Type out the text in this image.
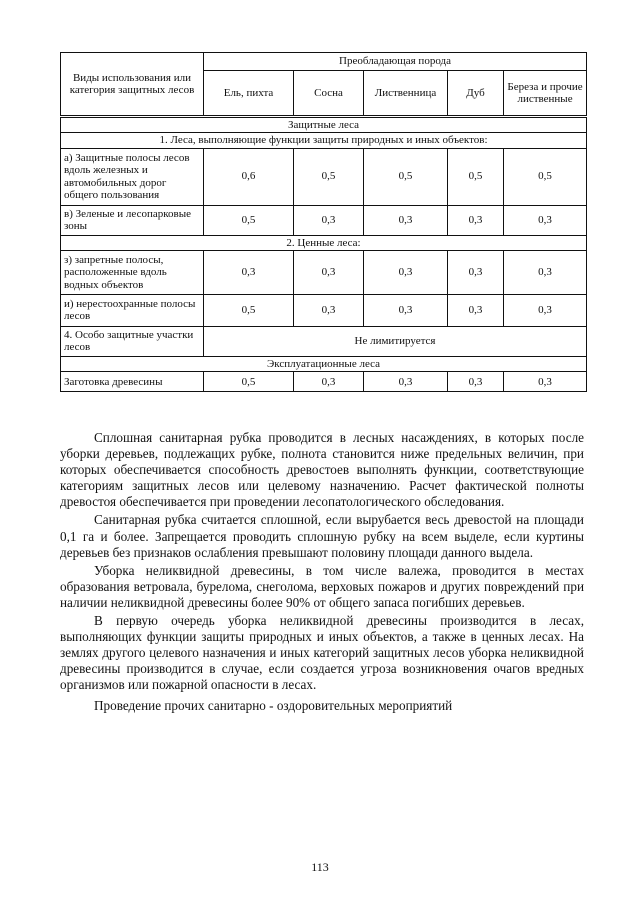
Виды использования или категория защитных лесов	Преобладающая порода				
	Ель, пихта	Сосна	Лиственница	Дуб	Береза и прочие лиственные
Защитные леса					
1. Леса, выполняющие функции защиты природных и иных объектов:					
а) Защитные полосы лесов вдоль железных и автомобильных дорог общего пользования	0,6	0,5	0,5	0,5	0,5
в) Зеленые и лесопарковые зоны	0,5	0,3	0,3	0,3	0,3
2. Ценные леса:					
з) запретные полосы, расположенные вдоль водных объектов	0,3	0,3	0,3	0,3	0,3
и) нерестоохранные полосы лесов	0,5	0,3	0,3	0,3	0,3
4. Особо защитные участки лесов	Не лимитируется				
Эксплуатационные леса					
Заготовка древесины	0,5	0,3	0,3	0,3	0,3

Сплошная санитарная рубка проводится в лесных насаждениях, в которых после уборки деревьев, подлежащих рубке, полнота становится ниже предельных величин, при которых обеспечивается способность древостоев выполнять функции, соответствующие категориям защитных лесов или целевому назначению. Расчет фактической полноты древостоя обеспечивается при проведении лесопатологического обследования.

Санитарная рубка считается сплошной, если вырубается весь древостой на площади 0,1 га и более. Запрещается проводить сплошную рубку на всем выделе, если куртины деревьев без признаков ослабления превышают половину площади данного выдела.

Уборка неликвидной древесины, в том числе валежа, проводится в местах образования ветровала, бурелома, снеголома, верховых пожаров и других повреждений при наличии неликвидной древесины более 90% от общего запаса погибших деревьев.

В первую очередь уборка неликвидной древесины производится в лесах, выполняющих функции защиты природных и иных объектов, а также в ценных лесах. На землях другого целевого назначения и иных категорий защитных лесов уборка неликвидной древесины производится в случае, если создается угроза возникновения очагов вредных организмов или пожарной опасности в лесах.

Проведение прочих санитарно - оздоровительных мероприятий

113
